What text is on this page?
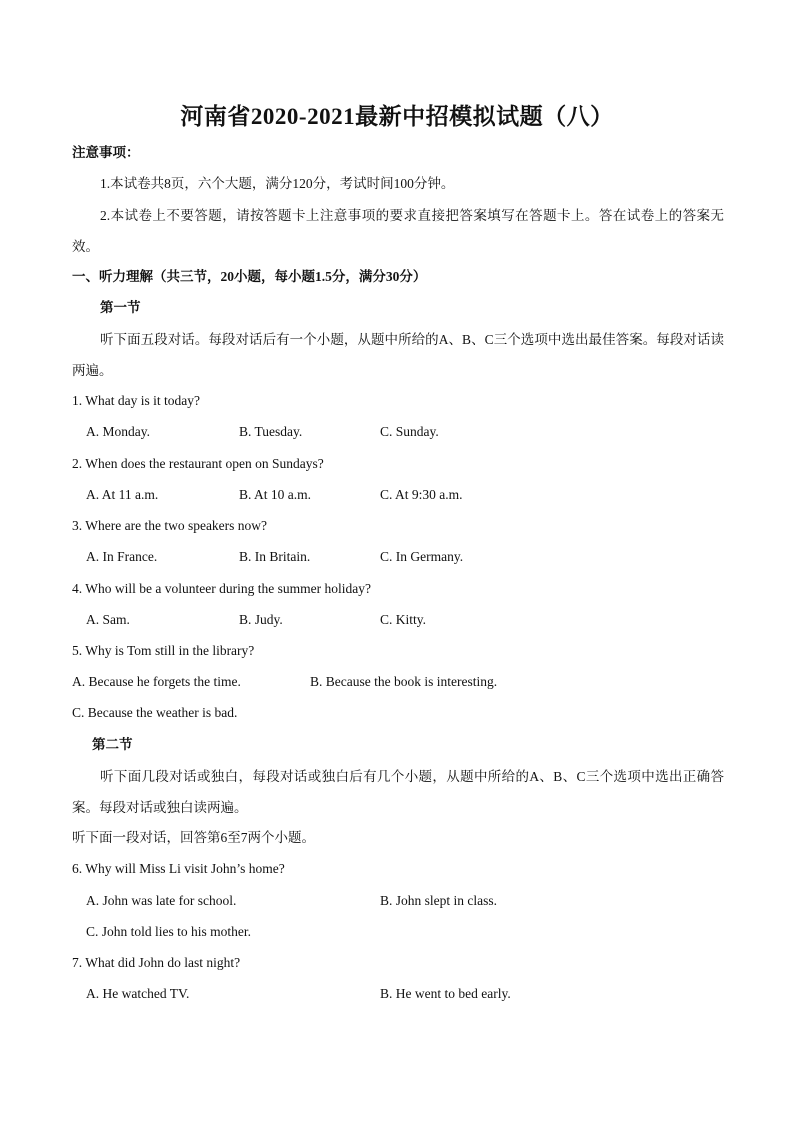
河南省2020-2021最新中招模拟试题（八）
注意事项：
1.本试卷共8页，六个大题，满分120分，考试时间100分钟。
2.本试卷上不要答题，请按答题卡上注意事项的要求直接把答案填写在答题卡上。答在试卷上的答案无效。
一、听力理解（共三节，20小题，每小题1.5分，满分30分）
第一节
听下面五段对话。每段对话后有一个小题，从题中所给的A、B、C三个选项中选出最佳答案。每段对话读两遍。
1. What day is it today?
A. Monday.	B. Tuesday.	C. Sunday.
2. When does the restaurant open on Sundays?
A. At 11 a.m.	B. At 10 a.m.	C. At 9:30 a.m.
3. Where are the two speakers now?
A. In France.	B. In Britain.	C. In Germany.
4. Who will be a volunteer during the summer holiday?
A. Sam.	B. Judy.	C. Kitty.
5. Why is Tom still in the library?
A. Because he forgets the time.	B. Because the book is interesting.
C. Because the weather is bad.
第二节
听下面几段对话或独白，每段对话或独白后有几个小题，从题中所给的A、B、C三个选项中选出正确答案。每段对话或独白读两遍。
听下面一段对话，回答第6至7两个小题。
6. Why will Miss Li visit John’s home?
A. John was late for school.	B. John slept in class.
C. John told lies to his mother.
7. What did John do last night?
A. He watched TV.	B. He went to bed early.
